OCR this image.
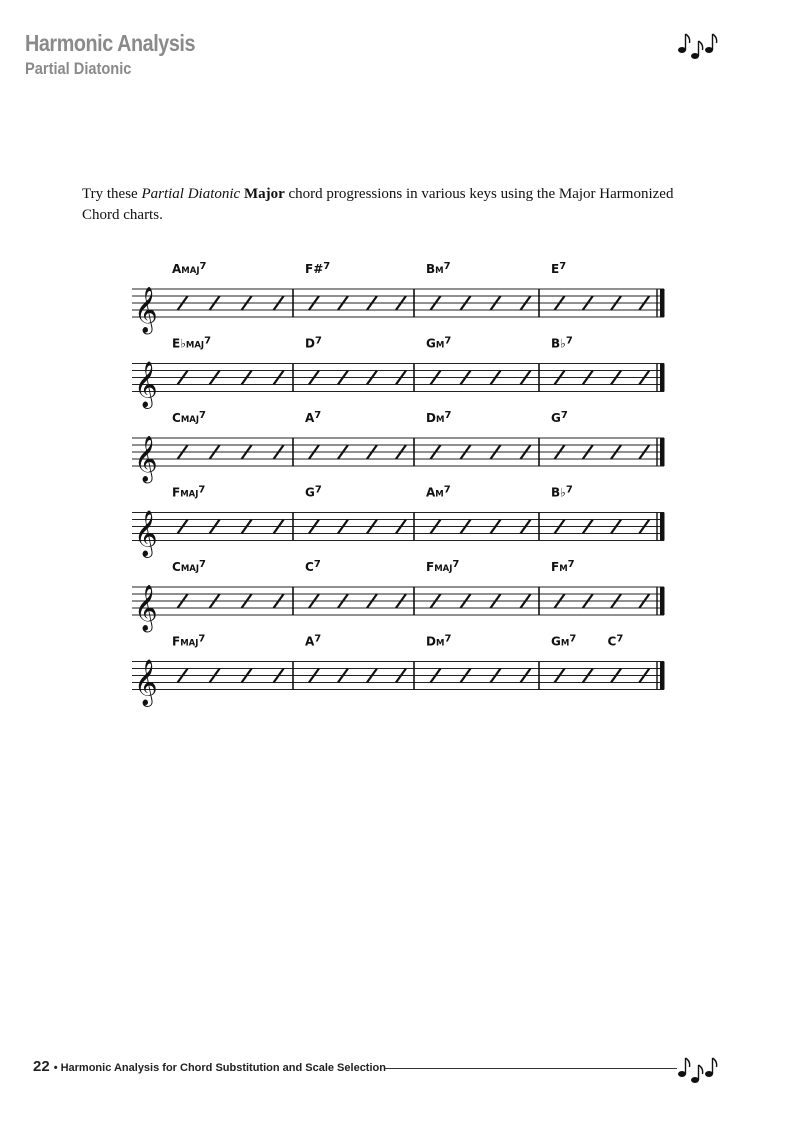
Harmonic Analysis
Partial Diatonic
Try these Partial Diatonic Major chord progressions in various keys using the Major Harmonized Chord charts.
𝄞
AMAJ$^7$	F#$^7$	$BM^7$	$E^7$
𝄞
E♭MAJ$^7$	$D^7$	$GM^7$	B♭$^7$
𝄞
CMAJ$^7$	$A^7$	$DM^7$	$G^7$
𝄞
FMAJ$^7$	$G^7$	$AM^7$	B♭$^7$
𝄞
CMAJ$^7$	$C^7$	FMAJ$^7$	$FM^7$
𝄞
FMAJ$^7$	$A^7$	$DM^7$	$GM^7$	$C^7$
22 • Harmonic Analysis for Chord Substitution and Scale Selection
